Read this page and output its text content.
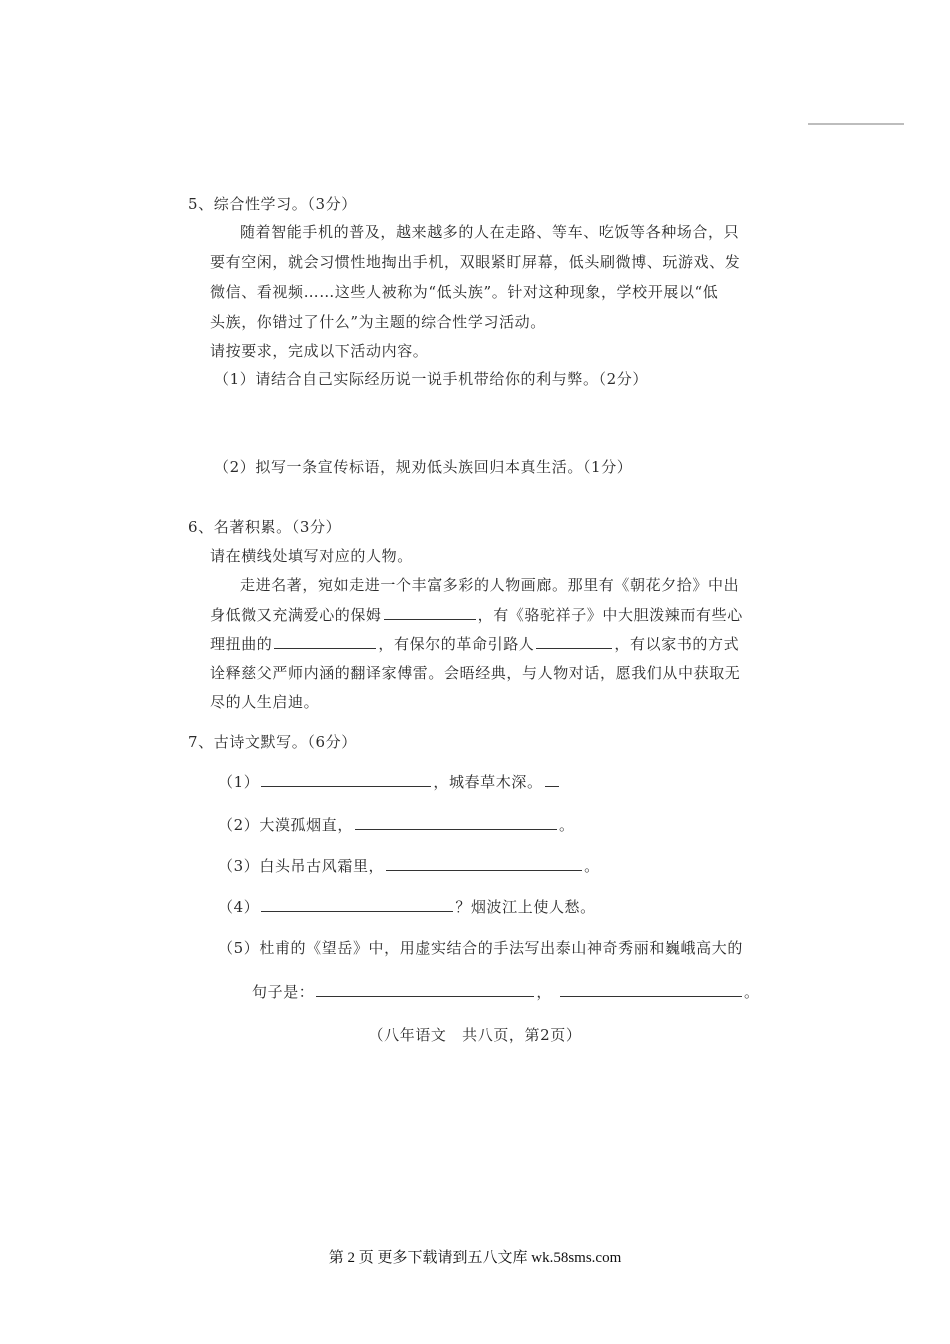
5、综合性学习。（3分）
随着智能手机的普及，越来越多的人在走路、等车、吃饭等各种场合，只
要有空闲，就会习惯性地掏出手机，双眼紧盯屏幕，低头刷微博、玩游戏、发
微信、看视频……这些人被称为“低头族”。针对这种现象，学校开展以“低
头族，你错过了什么”为主题的综合性学习活动。
请按要求，完成以下活动内容。
（1）请结合自己实际经历说一说手机带给你的利与弊。（2分）
（2）拟写一条宣传标语，规劝低头族回归本真生活。（1分）
6、名著积累。（3分）
请在横线处填写对应的人物。
走进名著，宛如走进一个丰富多彩的人物画廊。那里有《朝花夕拾》中出
身低微又充满爱心的保姆	，有《骆驼祥子》中大胆泼辣而有些心
理扭曲的	，有保尔的革命引路人	，有以家书的方式
诠释慈父严师内涵的翻译家傅雷。会晤经典，与人物对话，愿我们从中获取无
尽的人生启迪。
7、古诗文默写。（6分）
（1）	，城春草木深。
（2）大漠孤烟直，	。
（3）白头吊古风霜里，	。
（4）	？烟波江上使人愁。
（5）杜甫的《望岳》中，用虚实结合的手法写出泰山神奇秀丽和巍峨高大的
句子是：	，	。
（八年语文　共八页，第2页）
第 2 页 更多下载请到五八文库 wk.58sms.com
